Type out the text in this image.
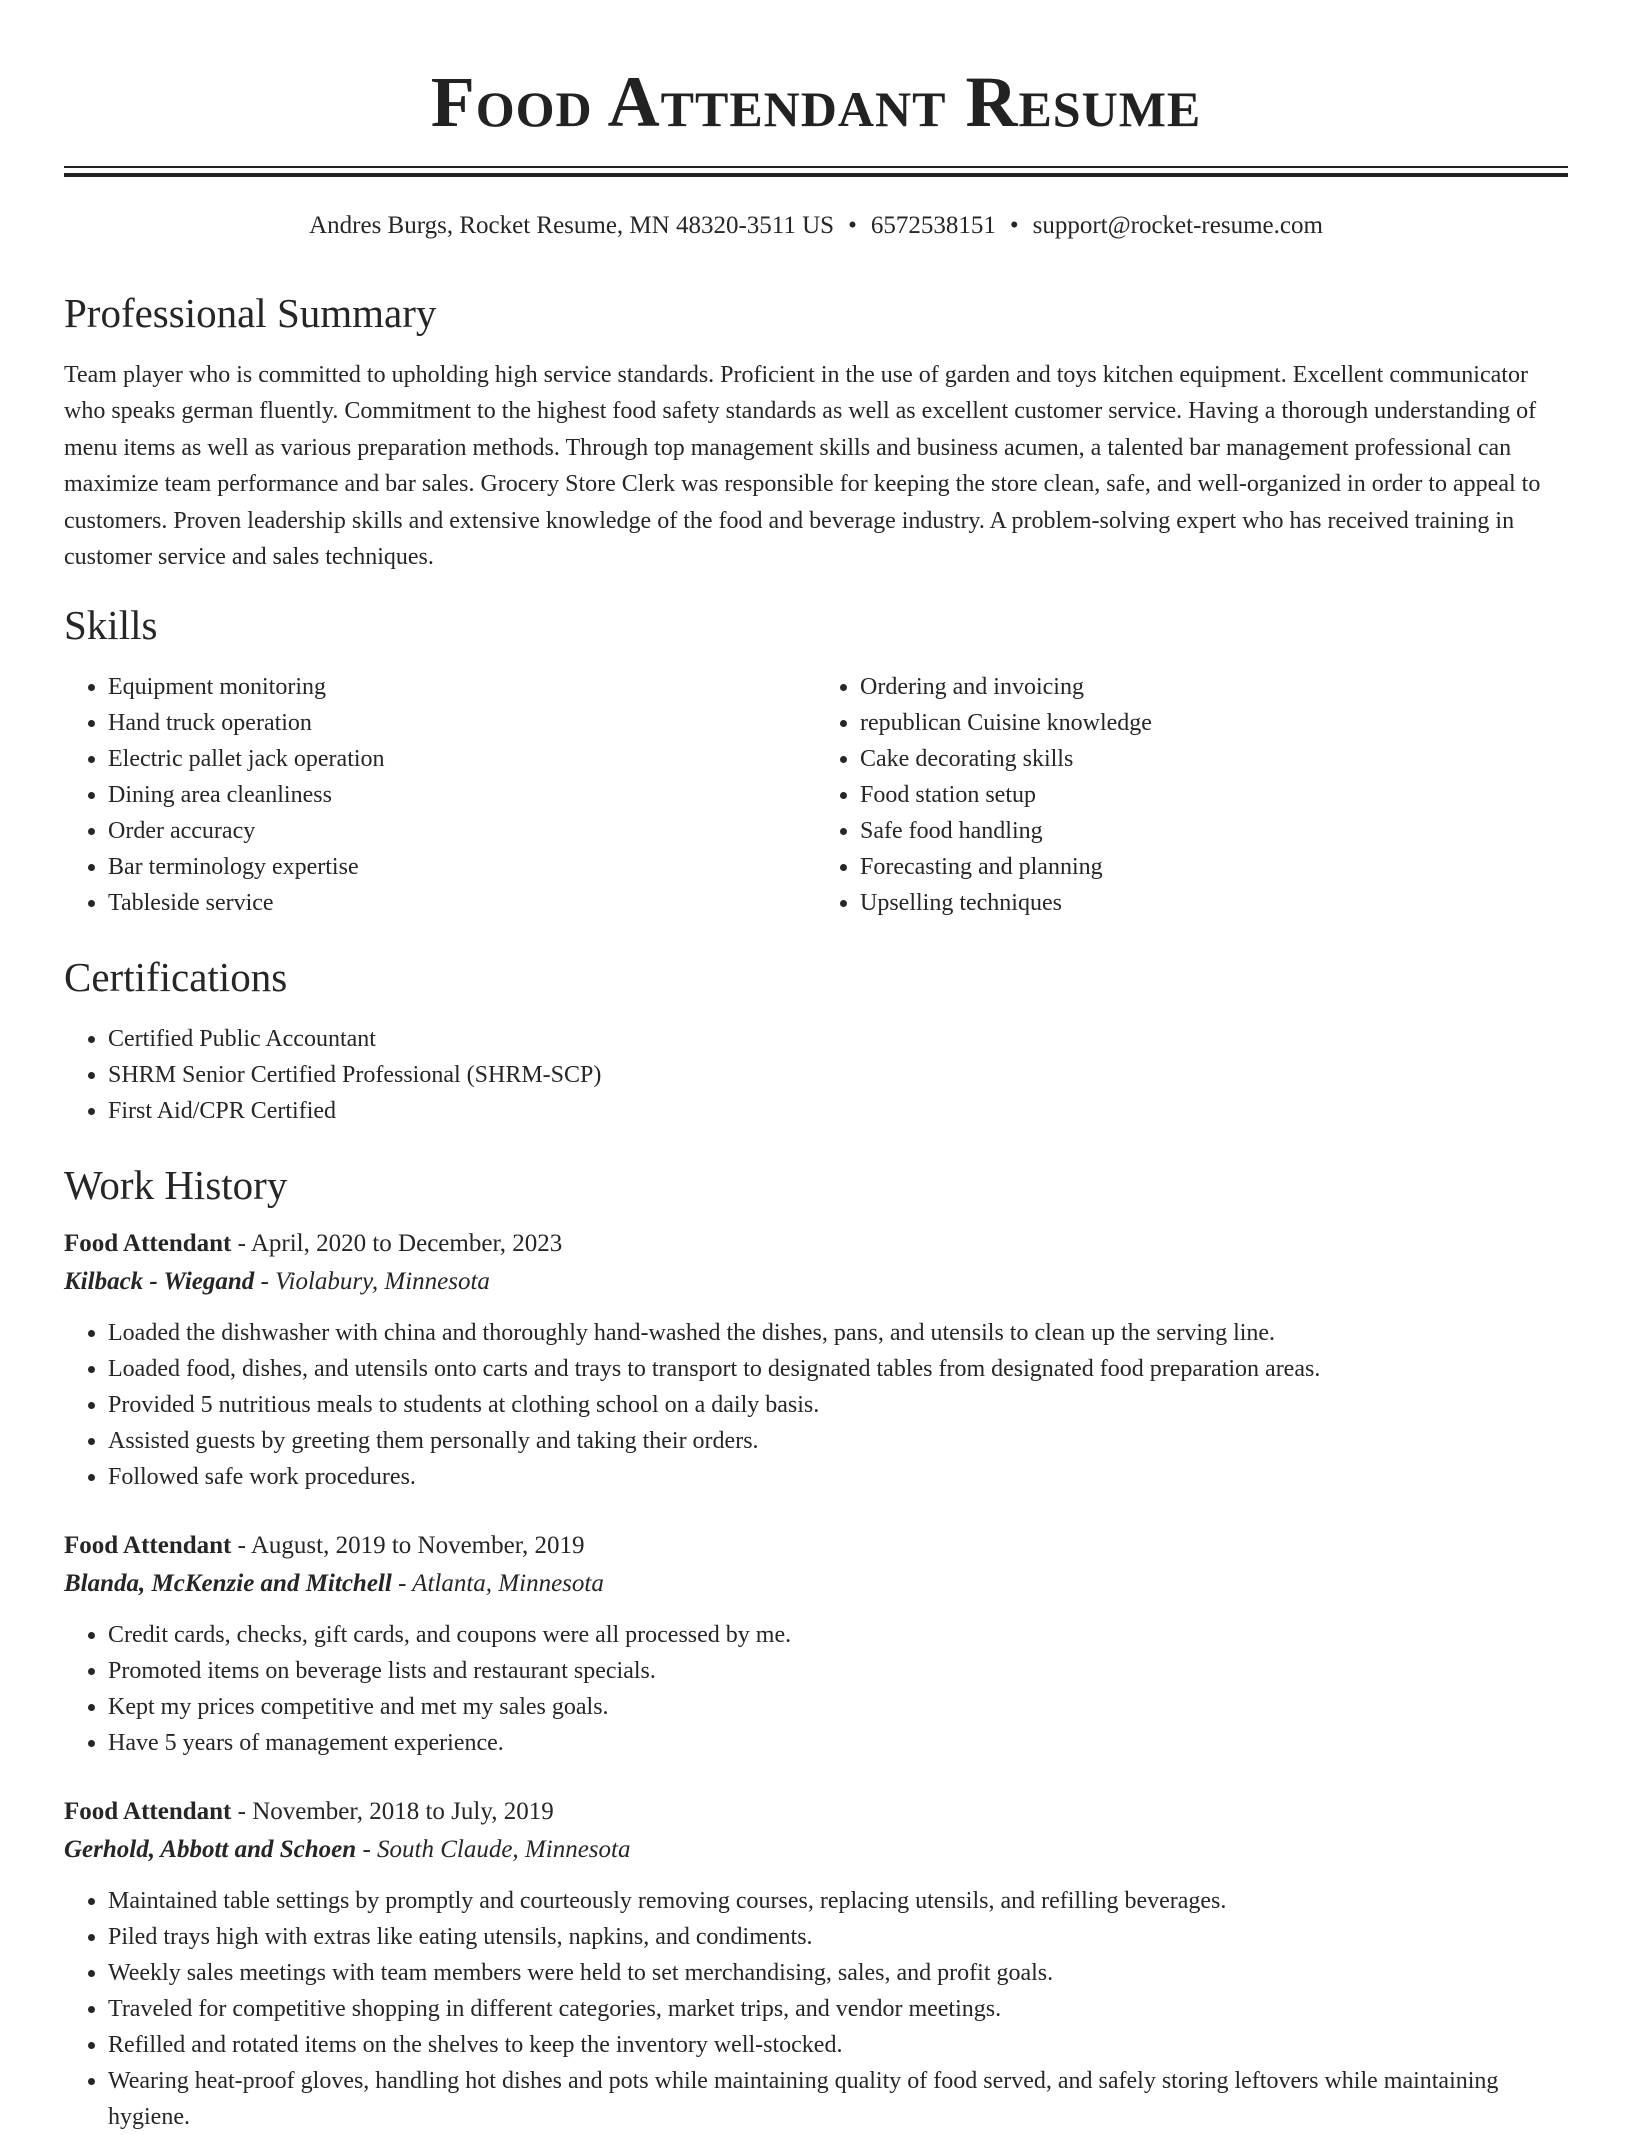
Food Attendant Resume
Andres Burgs, Rocket Resume, MN 48320-3511 US • 6572538151 • support@rocket-resume.com
Professional Summary

Team player who is committed to upholding high service standards. Proficient in the use of garden and toys kitchen equipment. Excellent communicator who speaks german fluently. Commitment to the highest food safety standards as well as excellent customer service. Having a thorough understanding of menu items as well as various preparation methods. Through top management skills and business acumen, a talented bar management professional can maximize team performance and bar sales. Grocery Store Clerk was responsible for keeping the store clean, safe, and well-organized in order to appeal to customers. Proven leadership skills and extensive knowledge of the food and beverage industry. A problem-solving expert who has received training in customer service and sales techniques.

Skills
• Equipment monitoring
• Hand truck operation
• Electric pallet jack operation
• Dining area cleanliness
• Order accuracy
• Bar terminology expertise
• Tableside service
• Ordering and invoicing
• republican Cuisine knowledge
• Cake decorating skills
• Food station setup
• Safe food handling
• Forecasting and planning
• Upselling techniques
Certifications
• Certified Public Accountant
• SHRM Senior Certified Professional (SHRM-SCP)
• First Aid/CPR Certified
Work History
Food Attendant - April, 2020 to December, 2023
Kilback - Wiegand - Violabury, Minnesota
• Loaded the dishwasher with china and thoroughly hand-washed the dishes, pans, and utensils to clean up the serving line.
• Loaded food, dishes, and utensils onto carts and trays to transport to designated tables from designated food preparation areas.
• Provided 5 nutritious meals to students at clothing school on a daily basis.
• Assisted guests by greeting them personally and taking their orders.
• Followed safe work procedures.
Food Attendant - August, 2019 to November, 2019
Blanda, McKenzie and Mitchell - Atlanta, Minnesota
• Credit cards, checks, gift cards, and coupons were all processed by me.
• Promoted items on beverage lists and restaurant specials.
• Kept my prices competitive and met my sales goals.
• Have 5 years of management experience.
Food Attendant - November, 2018 to July, 2019
Gerhold, Abbott and Schoen - South Claude, Minnesota
• Maintained table settings by promptly and courteously removing courses, replacing utensils, and refilling beverages.
• Piled trays high with extras like eating utensils, napkins, and condiments.
• Weekly sales meetings with team members were held to set merchandising, sales, and profit goals.
• Traveled for competitive shopping in different categories, market trips, and vendor meetings.
• Refilled and rotated items on the shelves to keep the inventory well-stocked.
• Wearing heat-proof gloves, handling hot dishes and pots while maintaining quality of food served, and safely storing leftovers while maintaining hygiene.
